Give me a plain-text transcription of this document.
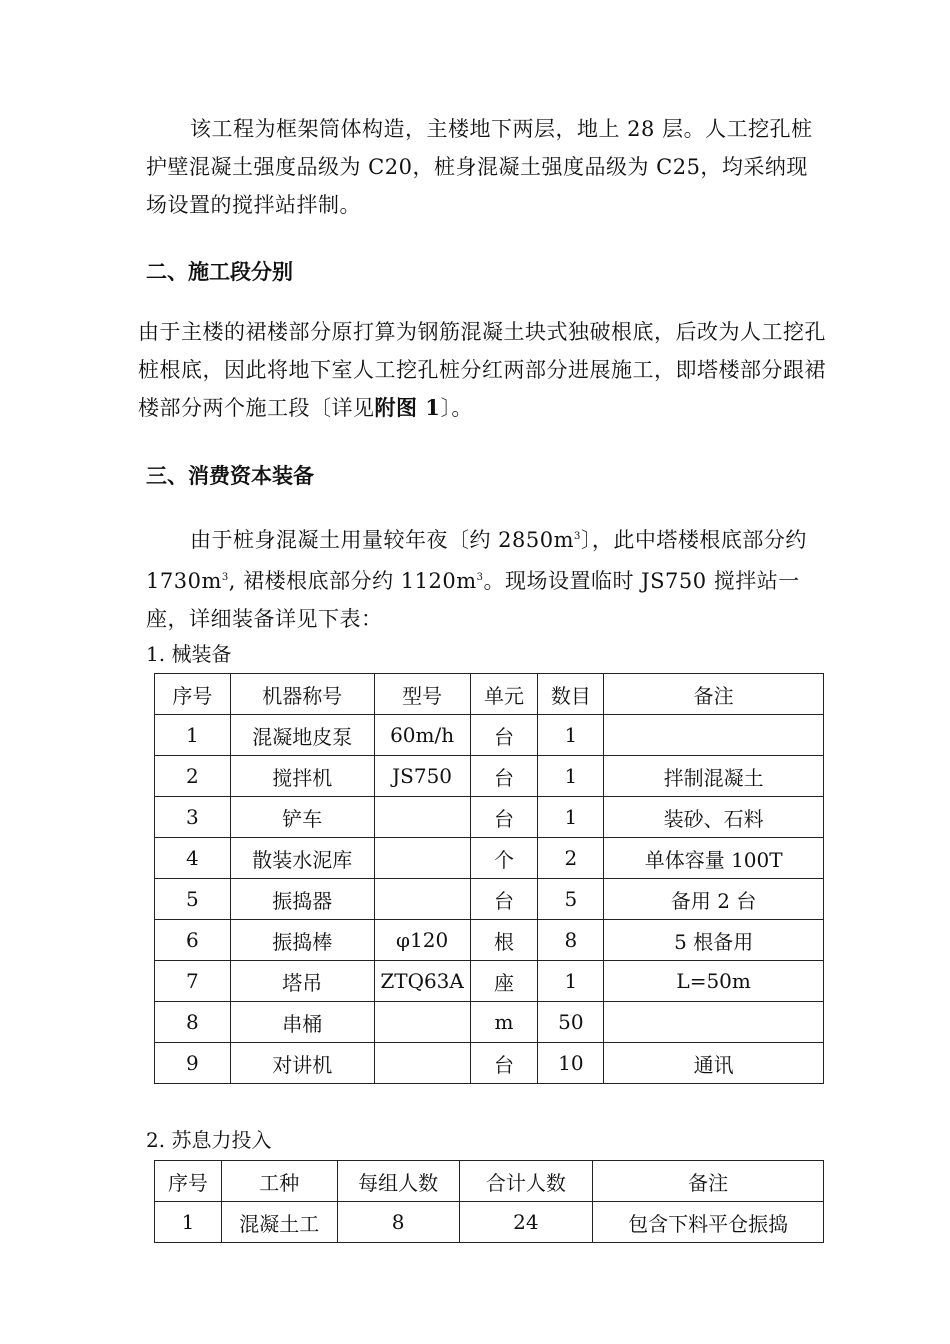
该工程为框架筒体构造，主楼地下两层，地上 28 层。人工挖孔桩护壁混凝土强度品级为 C20，桩身混凝土强度品级为 C25，均采纳现场设置的搅拌站拌制。

二、施工段分别

由于主楼的裙楼部分原打算为钢筋混凝土块式独破根底，后改为人工挖孔桩根底，因此将地下室人工挖孔桩分红两部分进展施工，即塔楼部分跟裙楼部分两个施工段〔详见附图 1〕。

三、消费资本装备

由于桩身混凝土用量较年夜〔约 $2850m^3$〕，此中塔楼根底部分约 $1730m^3$, 裙楼根底部分约 $1120m^3$。现场设置临时 JS750 搅拌站一座，详细装备详见下表：

1. 械装备

序号	机器称号	型号	单元	数目	备注
1	混凝地皮泵	60m/h	台	1	
2	搅拌机	JS750	台	1	拌制混凝土
3	铲车		台	1	装砂、石料
4	散装水泥库		个	2	单体容量 100T
5	振捣器		台	5	备用 2 台
6	振捣棒	φ120	根	8	5 根备用
7	塔吊	ZTQ63A	座	1	L=50m
8	串桶		m	50	
9	对讲机		台	10	通讯

2. 苏息力投入

序号	工种	每组人数	合计人数	备注
1	混凝土工	8	24	包含下料平仓振捣
